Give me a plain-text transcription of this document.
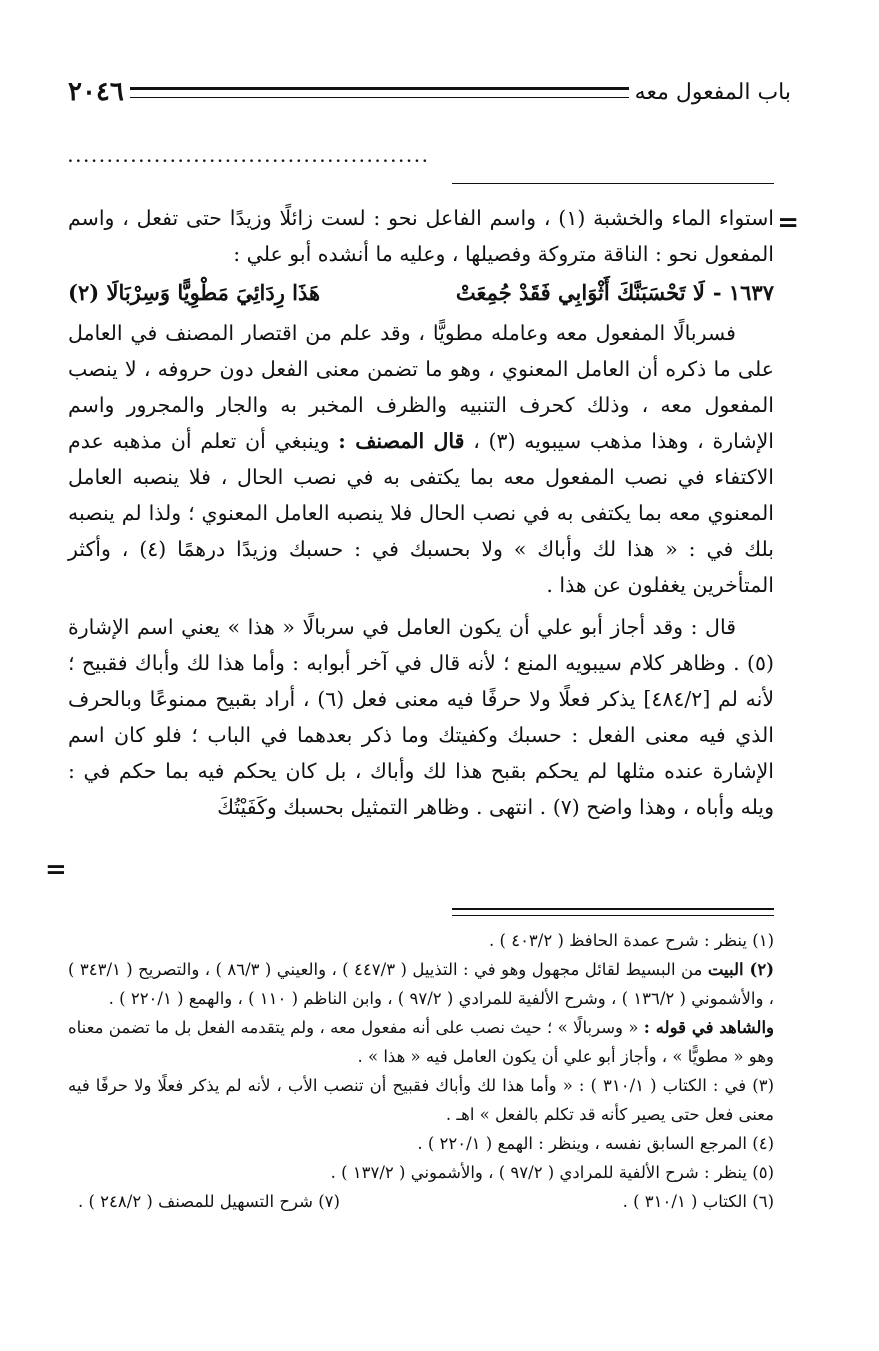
باب المفعول معه
٢٠٤٦
..............................................
=
=

استواء الماء والخشبة (١) ، واسم الفاعل نحو : لست زائلًا وزيدًا حتى تفعل ، واسم المفعول نحو : الناقة متروكة وفصيلها ، وعليه ما أنشده أبو علي :

١٦٣٧ -
لَا تَحْسَبَنَّكَ أَثْوَابِي فَقَدْ جُمِعَتْ
هَذَا رِدَائِيَ مَطْوِيًّا وَسِرْبَالَا (٢)

فسربالًا المفعول معه وعامله مطويًّا ، وقد علم من اقتصار المصنف في العامل على ما ذكره أن العامل المعنوي ، وهو ما تضمن معنى الفعل دون حروفه ، لا ينصب المفعول معه ، وذلك كحرف التنبيه والظرف المخبر به والجار والمجرور واسم الإشارة ، وهذا مذهب سيبويه (٣) ، قال المصنف : وينبغي أن تعلم أن مذهبه عدم الاكتفاء في نصب المفعول معه بما يكتفى به في نصب الحال ، فلا ينصبه العامل المعنوي معه بما يكتفى به في نصب الحال فلا ينصبه العامل المعنوي ؛ ولذا لم ينصبه بلك في : « هذا لك وأباك » ولا بحسبك في : حسبك وزيدًا درهمًا (٤) ، وأكثر المتأخرين يغفلون عن هذا .

قال : وقد أجاز أبو علي أن يكون العامل في سربالًا « هذا » يعني اسم الإشارة (٥) . وظاهر كلام سيبويه المنع ؛ لأنه قال في آخر أبوابه : وأما هذا لك وأباك فقبيح ؛ لأنه لم [٤٨٤/٢] يذكر فعلًا ولا حرفًا فيه معنى فعل (٦) ، أراد بقبيح ممنوعًا وبالحرف الذي فيه معنى الفعل : حسبك وكفيتك وما ذكر بعدهما في الباب ؛ فلو كان اسم الإشارة عنده مثلها لم يحكم بقبح هذا لك وأباك ، بل كان يحكم فيه بما حكم في : ويله وأباه ، وهذا واضح (٧) . انتهى . وظاهر التمثيل بحسبك وكَفَيْتُكَ

(١) ينظر : شرح عمدة الحافظ ( ٤٠٣/٢ ) .

(٢) البيت من البسيط لقائل مجهول وهو في : التذييل ( ٤٤٧/٣ ) ، والعيني ( ٨٦/٣ ) ، والتصريح ( ٣٤٣/١ ) ، والأشموني ( ١٣٦/٢ ) ، وشرح الألفية للمرادي ( ٩٧/٢ ) ، وابن الناظم ( ١١٠ ) ، والهمع ( ٢٢٠/١ ) .

والشاهد في قوله : « وسربالًا » ؛ حيث نصب على أنه مفعول معه ، ولم يتقدمه الفعل بل ما تضمن معناه وهو « مطويًّا » ، وأجاز أبو علي أن يكون العامل فيه « هذا » .

(٣) في : الكتاب ( ٣١٠/١ ) : « وأما هذا لك وأباك فقبيح أن تنصب الأب ، لأنه لم يذكر فعلًا ولا حرفًا فيه معنى فعل حتى يصير كأنه قد تكلم بالفعل » اهـ .

(٤) المرجع السابق نفسه ، وينظر : الهمع ( ٢٢٠/١ ) .

(٥) ينظر : شرح الألفية للمرادي ( ٩٧/٢ ) ، والأشموني ( ١٣٧/٢ ) .

(٦) الكتاب ( ٣١٠/١ ) .
(٧) شرح التسهيل للمصنف ( ٢٤٨/٢ ) .
